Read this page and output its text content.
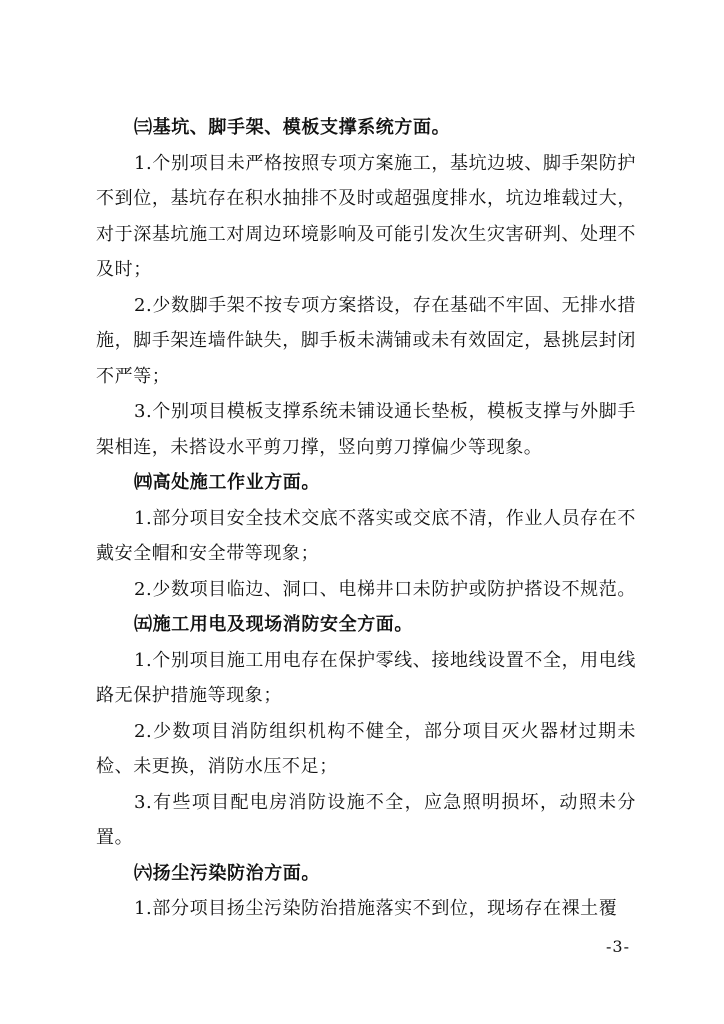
㈢基坑、脚手架、模板支撑系统方面。

1.个别项目未严格按照专项方案施工，基坑边坡、脚手架防护不到位，基坑存在积水抽排不及时或超强度排水，坑边堆载过大，对于深基坑施工对周边环境影响及可能引发次生灾害研判、处理不及时；

2.少数脚手架不按专项方案搭设，存在基础不牢固、无排水措施，脚手架连墙件缺失，脚手板未满铺或未有效固定，悬挑层封闭不严等；

3.个别项目模板支撑系统未铺设通长垫板，模板支撑与外脚手架相连，未搭设水平剪刀撑，竖向剪刀撑偏少等现象。

㈣高处施工作业方面。

1.部分项目安全技术交底不落实或交底不清，作业人员存在不戴安全帽和安全带等现象；

2.少数项目临边、洞口、电梯井口未防护或防护搭设不规范。

㈤施工用电及现场消防安全方面。

1.个别项目施工用电存在保护零线、接地线设置不全，用电线路无保护措施等现象；

2.少数项目消防组织机构不健全，部分项目灭火器材过期未检、未更换，消防水压不足；

3.有些项目配电房消防设施不全，应急照明损坏，动照未分置。

㈥扬尘污染防治方面。

1.部分项目扬尘污染防治措施落实不到位，现场存在裸土覆

-3-
